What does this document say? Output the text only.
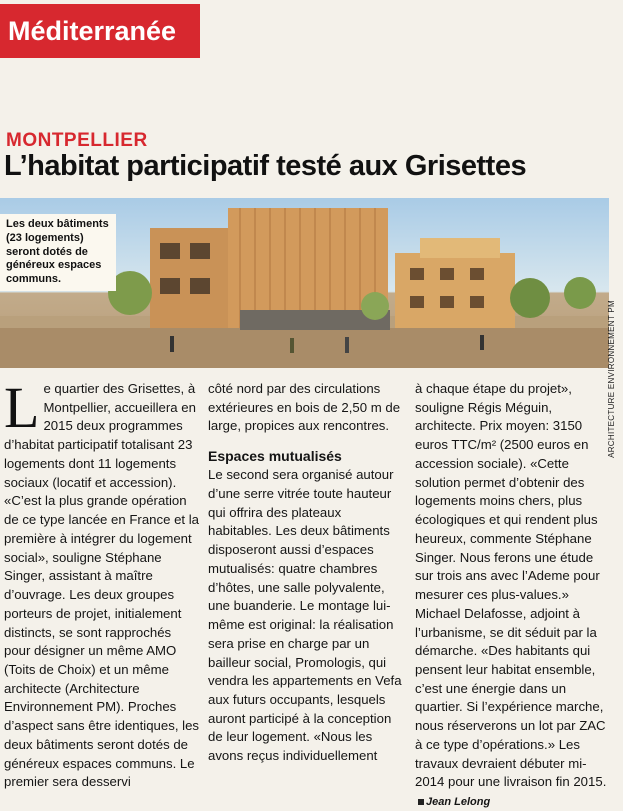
Méditerranée
MONTPELLIER
L’habitat participatif testé aux Grisettes
Les deux bâtiments (23 logements) seront dotés de généreux espaces communs.
ARCHITECTURE ENVIRONNEMENT PM
L e quartier des Grisettes, à Montpellier, accueillera en 2015 deux programmes d’habitat participatif totalisant 23 logements dont 11 logements sociaux (locatif et accession). «C’est la plus grande opération de ce type lancée en France et la première à intégrer du logement social», souligne Stéphane Singer, assistant à maître d’ouvrage. Les deux groupes porteurs de projet, initialement distincts, se sont rapprochés pour désigner un même AMO (Toits de Choix) et un même architecte (Architecture Environnement PM). Proches d’aspect sans être identiques, les deux bâtiments seront dotés de généreux espaces communs. Le premier sera desservi

côté nord par des circulations extérieures en bois de 2,50 m de large, propices aux rencontres.

Espaces mutualisés

Le second sera organisé autour d’une serre vitrée toute hauteur qui offrira des plateaux habitables. Les deux bâtiments disposeront aussi d’espaces mutualisés: quatre chambres d’hôtes, une salle polyvalente, une buanderie. Le montage lui-même est original: la réalisation sera prise en charge par un bailleur social, Promologis, qui vendra les appartements en Vefa aux futurs occupants, lesquels auront participé à la conception de leur logement. «Nous les avons reçus individuellement

à chaque étape du projet», souligne Régis Méguin, architecte. Prix moyen: 3150 euros TTC/m² (2500 euros en accession sociale). «Cette solution permet d’obtenir des logements moins chers, plus écologiques et qui rendent plus heureux, commente Stéphane Singer. Nous ferons une étude sur trois ans avec l’Ademe pour mesurer ces plus-values.» Michael Delafosse, adjoint à l’urbanisme, se dit séduit par la démarche. «Des habitants qui pensent leur habitat ensemble, c’est une énergie dans un quartier. Si l’expérience marche, nous réserverons un lot par ZAC à ce type d’opérations.» Les travaux devraient débuter mi-2014 pour une livraison fin 2015. Jean Lelong
